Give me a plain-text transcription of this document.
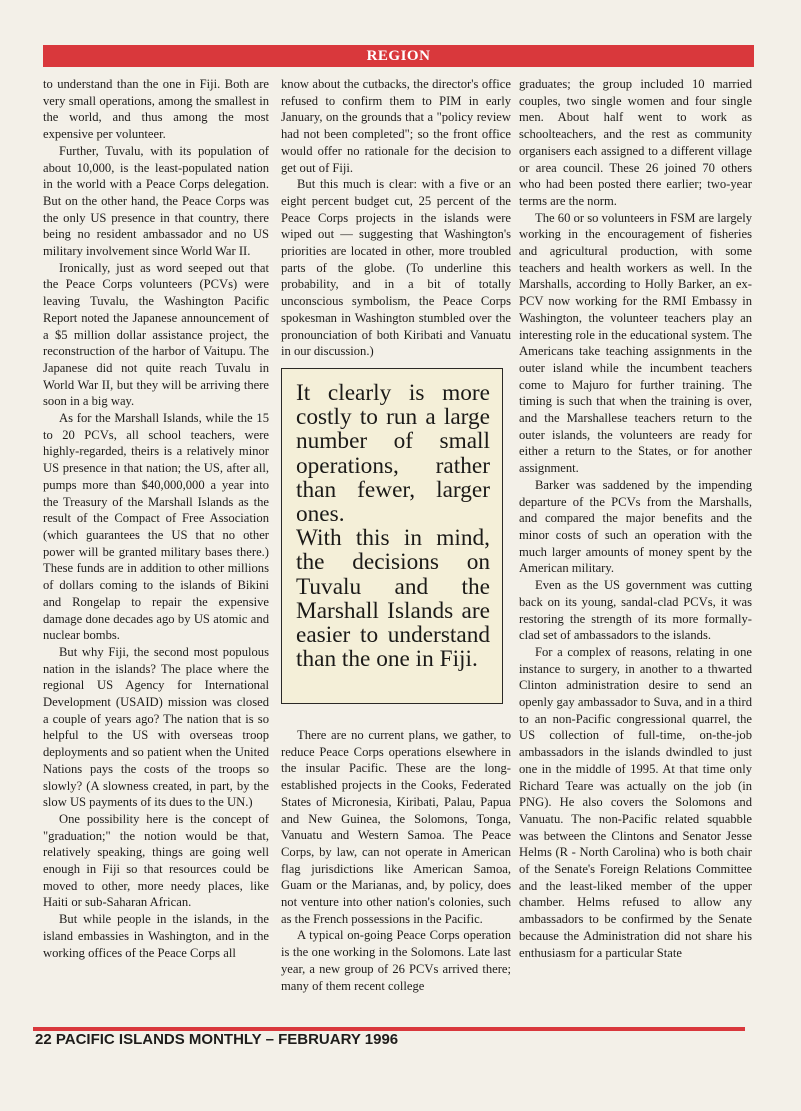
REGION

to understand than the one in Fiji. Both are very small operations, among the smallest in the world, and thus among the most expensive per volunteer.

Further, Tuvalu, with its population of about 10,000, is the least-populated nation in the world with a Peace Corps delegation. But on the other hand, the Peace Corps was the only US presence in that country, there being no resident ambassador and no US military involvement since World War II.

Ironically, just as word seeped out that the Peace Corps volunteers (PCVs) were leaving Tuvalu, the Washington Pacific Report noted the Japanese announcement of a $5 million dollar assistance project, the reconstruction of the harbor of Vaitupu. The Japanese did not quite reach Tuvalu in World War II, but they will be arriving there soon in a big way.

As for the Marshall Islands, while the 15 to 20 PCVs, all school teachers, were highly-regarded, theirs is a relatively minor US presence in that nation; the US, after all, pumps more than $40,000,000 a year into the Treasury of the Marshall Islands as the result of the Compact of Free Association (which guarantees the US that no other power will be granted military bases there.) These funds are in addition to other millions of dollars coming to the islands of Bikini and Rongelap to repair the expensive damage done decades ago by US atomic and nuclear bombs.

But why Fiji, the second most populous nation in the islands? The place where the regional US Agency for International Development (USAID) mission was closed a couple of years ago? The nation that is so helpful to the US with overseas troop deployments and so patient when the United Nations pays the costs of the troops so slowly? (A slowness created, in part, by the slow US payments of its dues to the UN.)

One possibility here is the concept of "graduation;" the notion would be that, relatively speaking, things are going well enough in Fiji so that resources could be moved to other, more needy places, like Haiti or sub-Saharan African.

But while people in the islands, in the island embassies in Washington, and in the working offices of the Peace Corps all

know about the cutbacks, the director's office refused to confirm them to PIM in early January, on the grounds that a "policy review had not been completed"; so the front office would offer no rationale for the decision to get out of Fiji.

But this much is clear: with a five or an eight percent budget cut, 25 percent of the Peace Corps projects in the islands were wiped out — suggesting that Washington's priorities are located in other, more troubled parts of the globe. (To underline this probability, and in a bit of totally unconscious symbolism, the Peace Corps spokesman in Washington stumbled over the pronounciation of both Kiribati and Vanuatu in our discussion.)

It clearly is more costly to run a large number of small operations, rather than fewer, larger ones.

With this in mind, the decisions on Tuvalu and the Marshall Islands are easier to understand than the one in Fiji.

There are no current plans, we gather, to reduce Peace Corps operations elsewhere in the insular Pacific. These are the long-established projects in the Cooks, Federated States of Micronesia, Kiribati, Palau, Papua and New Guinea, the Solomons, Tonga, Vanuatu and Western Samoa. The Peace Corps, by law, can not operate in American flag jurisdictions like American Samoa, Guam or the Marianas, and, by policy, does not venture into other nation's colonies, such as the French possessions in the Pacific.

A typical on-going Peace Corps operation is the one working in the Solomons. Late last year, a new group of 26 PCVs arrived there; many of them recent college

graduates; the group included 10 married couples, two single women and four single men. About half went to work as schoolteachers, and the rest as community organisers each assigned to a different village or area council. These 26 joined 70 others who had been posted there earlier; two-year terms are the norm.

The 60 or so volunteers in FSM are largely working in the encouragement of fisheries and agricultural production, with some teachers and health workers as well. In the Marshalls, according to Holly Barker, an ex-PCV now working for the RMI Embassy in Washington, the volunteer teachers play an interesting role in the educational system. The Americans take teaching assignments in the outer island while the incumbent teachers come to Majuro for further training. The timing is such that when the training is over, and the Marshallese teachers return to the outer islands, the volunteers are ready for either a return to the States, or for another assignment.

Barker was saddened by the impending departure of the PCVs from the Marshalls, and compared the major benefits and the minor costs of such an operation with the much larger amounts of money spent by the American military.

Even as the US government was cutting back on its young, sandal-clad PCVs, it was restoring the strength of its more formally-clad set of ambassadors to the islands.

For a complex of reasons, relating in one instance to surgery, in another to a thwarted Clinton administration desire to send an openly gay ambassador to Suva, and in a third to an non-Pacific congressional quarrel, the US collection of full-time, on-the-job ambassadors in the islands dwindled to just one in the middle of 1995. At that time only Richard Teare was actually on the job (in PNG). He also covers the Solomons and Vanuatu. The non-Pacific related squabble was between the Clintons and Senator Jesse Helms (R - North Carolina) who is both chair of the Senate's Foreign Relations Committee and the least-liked member of the upper chamber. Helms refused to allow any ambassadors to be confirmed by the Senate because the Administration did not share his enthusiasm for a particular State

22 PACIFIC ISLANDS MONTHLY – FEBRUARY 1996
